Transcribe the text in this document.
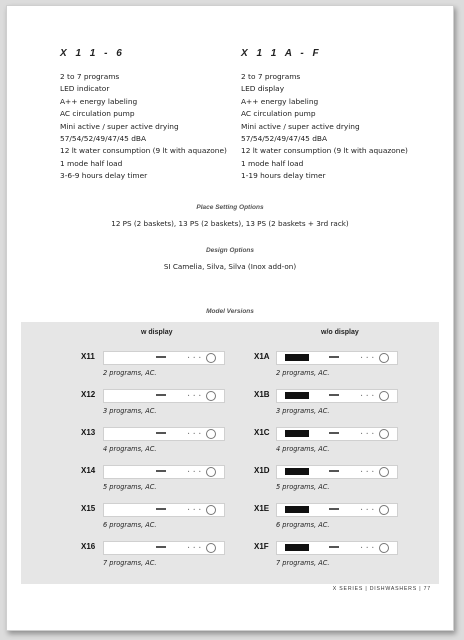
X 1 1 - 6
2 to 7 programs
LED indicator
A++ energy labeling
AC circulation pump
Mini active / super active drying
57/54/52/49/47/45 dBA
12 lt water consumption (9 lt with aquazone)
1 mode half load
3-6-9 hours delay timer
X 1 1 A - F
2 to 7 programs
LED display
A++ energy labeling
AC circulation pump
Mini active / super active drying
57/54/52/49/47/45 dBA
12 lt water consumption (9 lt with aquazone)
1 mode half load
1-19 hours delay timer
Place Setting Options
12 PS (2 baskets), 13 PS (2 baskets), 13 PS (2 baskets + 3rd rack)
Design Options
SI Camelia, Silva, Silva (Inox add-on)
Model Versions
w display	w/o display
X11	• • •
2 programs, AC.
X12	• • •
3 programs, AC.
X13	• • •
4 programs, AC.
X14	• • •
5 programs, AC.
X15	• • •
6 programs, AC.
X16	• • •
7 programs, AC.
X1A	• • •
2 programs, AC.
X1B	• • •
3 programs, AC.
X1C	• • •
4 programs, AC.
X1D	• • •
5 programs, AC.
X1E	• • •
6 programs, AC.
X1F	• • •
7 programs, AC.
X SERIES | DISHWASHERS | 77
